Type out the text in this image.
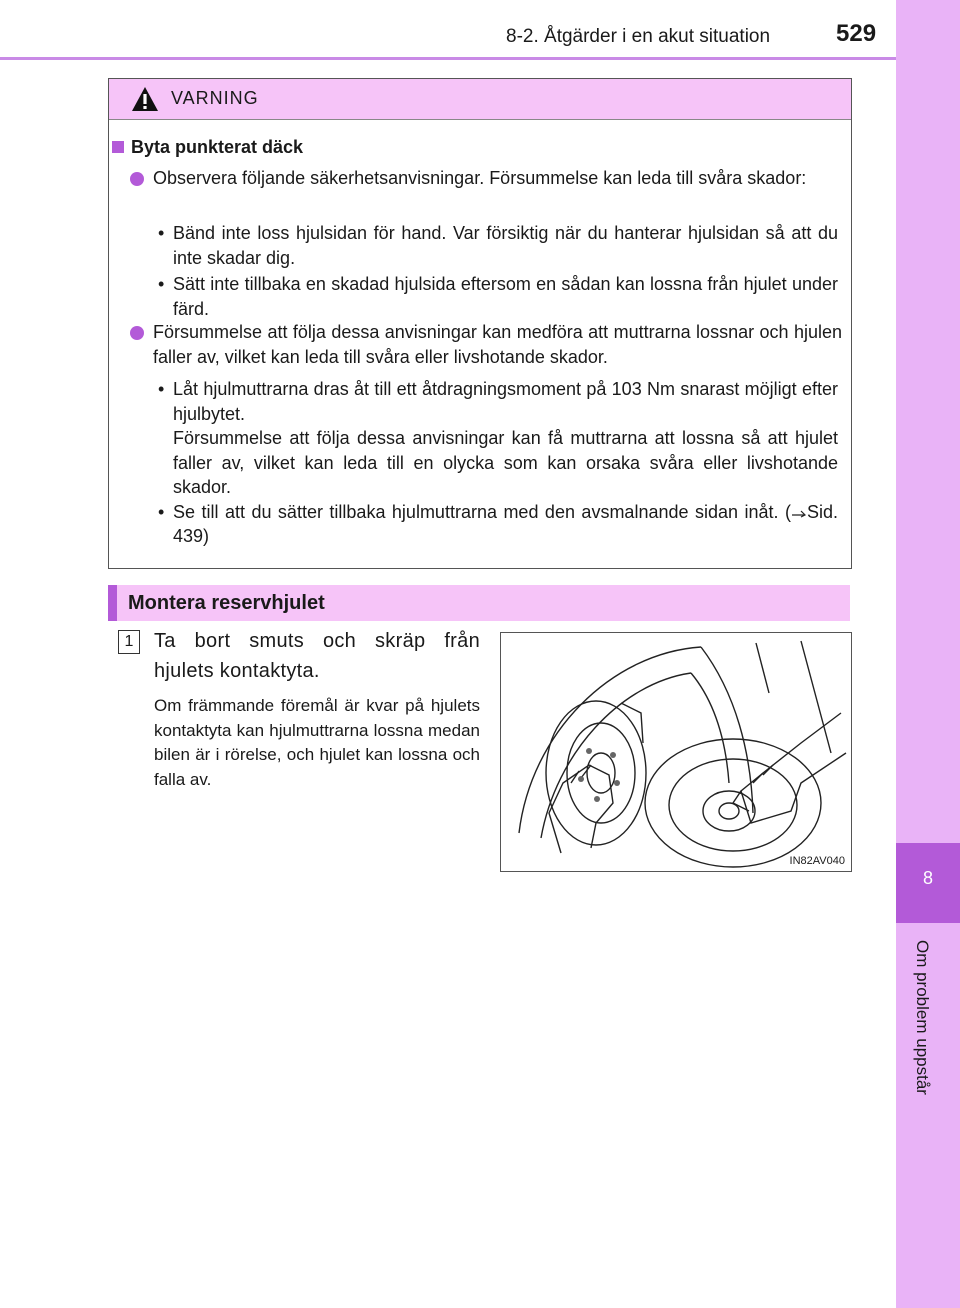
8-2. Åtgärder i en akut situation	529
8
Om problem uppstår
VARNING
Byta punkterat däck
Observera följande säkerhetsanvisningar. Försummelse kan leda till svåra skador:
• Bänd inte loss hjulsidan för hand. Var försiktig när du hanterar hjulsidan så att du inte skadar dig.
• Sätt inte tillbaka en skadad hjulsida eftersom en sådan kan lossna från hjulet under färd.
Försummelse att följa dessa anvisningar kan medföra att muttrarna lossnar och hjulen faller av, vilket kan leda till svåra eller livshotande skador.
• Låt hjulmuttrarna dras åt till ett åtdragningsmoment på 103 Nm snarast möjligt efter hjulbytet.
Försummelse att följa dessa anvisningar kan få muttrarna att lossna så att hjulet faller av, vilket kan leda till en olycka som kan orsaka svåra eller livshotande skador.
• Se till att du sätter tillbaka hjulmuttrarna med den avsmalnande sidan inåt. ( Sid. 439)
Montera reservhjulet
1	Ta bort smuts och skräp från hjulets kontaktyta.
Om främmande föremål är kvar på hjulets kontaktyta kan hjulmuttrarna lossna medan bilen är i rörelse, och hjulet kan lossna och falla av.
IN82AV040
